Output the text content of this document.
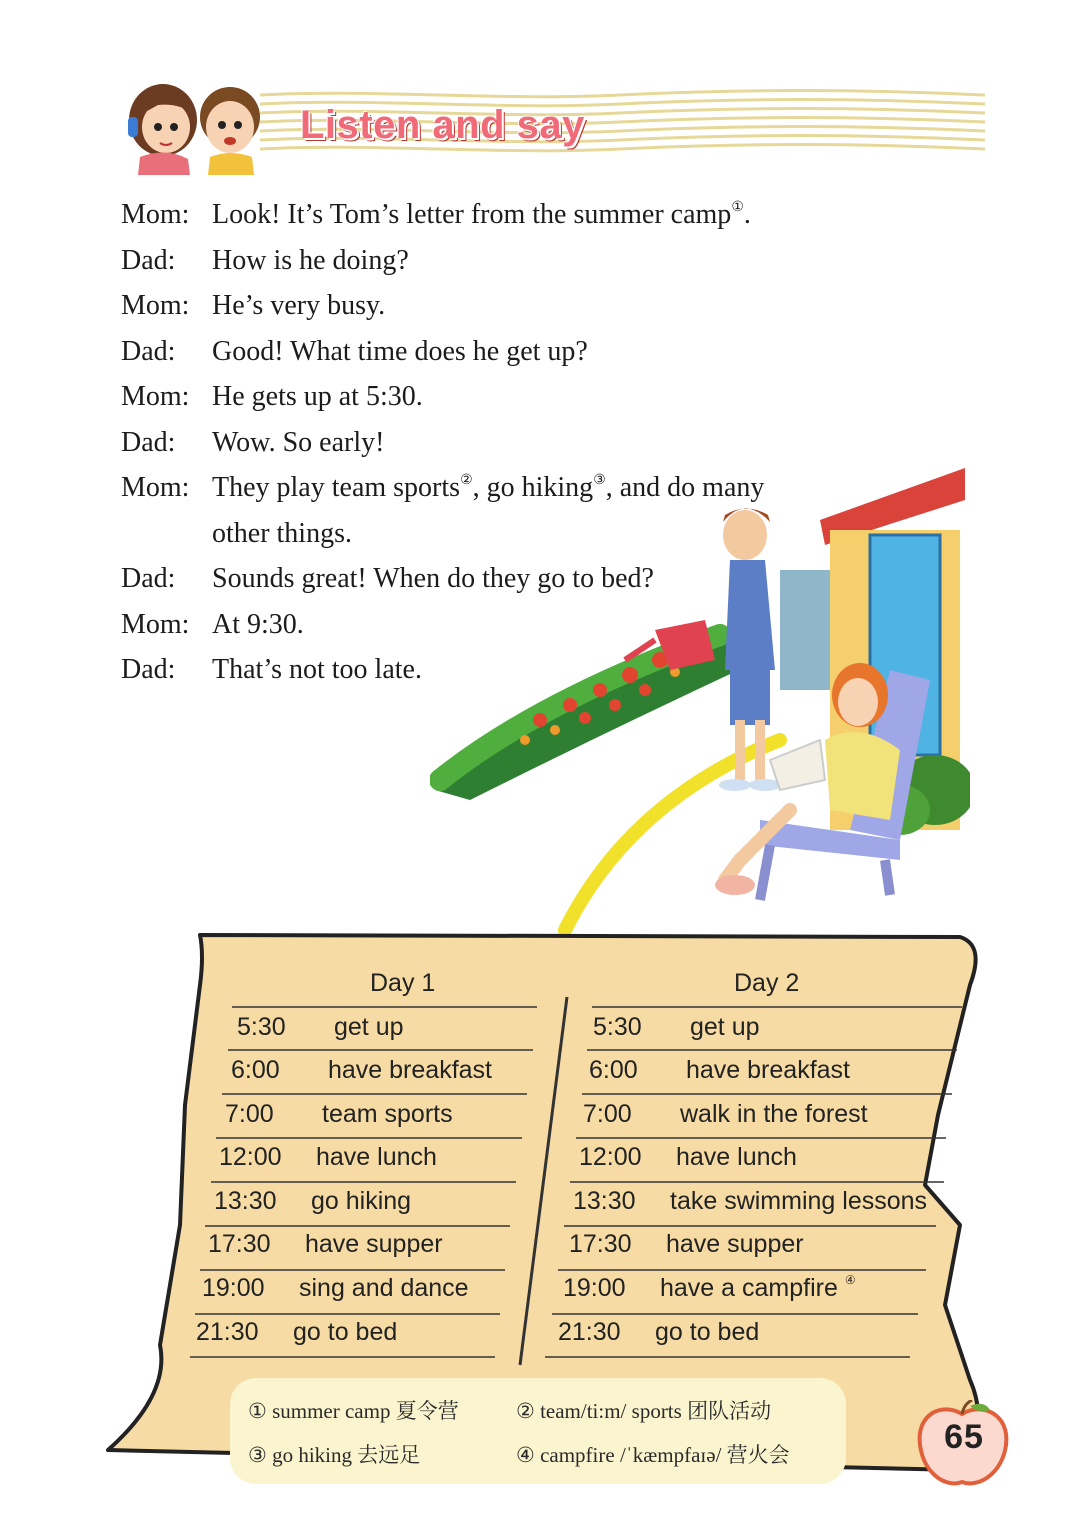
Listen and say
Mom: Look! It’s Tom’s letter from the summer camp①.
Dad: How is he doing?
Mom: He’s very busy.
Dad: Good! What time does he get up?
Mom: He gets up at 5:30.
Dad: Wow. So early!
Mom: They play team sports②, go hiking③, and do many
other things.
Dad: Sounds great! When do they go to bed?
Mom: At 9:30.
Dad: That’s not too late.
Day 1	Day 2
5:30 get up
6:00 have breakfast
7:00 team sports
12:00 have lunch
13:30 go hiking
17:30 have supper
19:00 sing and dance
21:30 go to bed
5:30 get up
6:00 have breakfast
7:00 walk in the forest
12:00 have lunch
13:30 take swimming lessons
17:30 have supper
19:00 have a campfire ④
21:30 go to bed
① summer camp 夏令营	② team/ti:m/ sports 团队活动
③ go hiking 去远足	④ campfire /ˈkæmpfaɪə/ 营火会	65
